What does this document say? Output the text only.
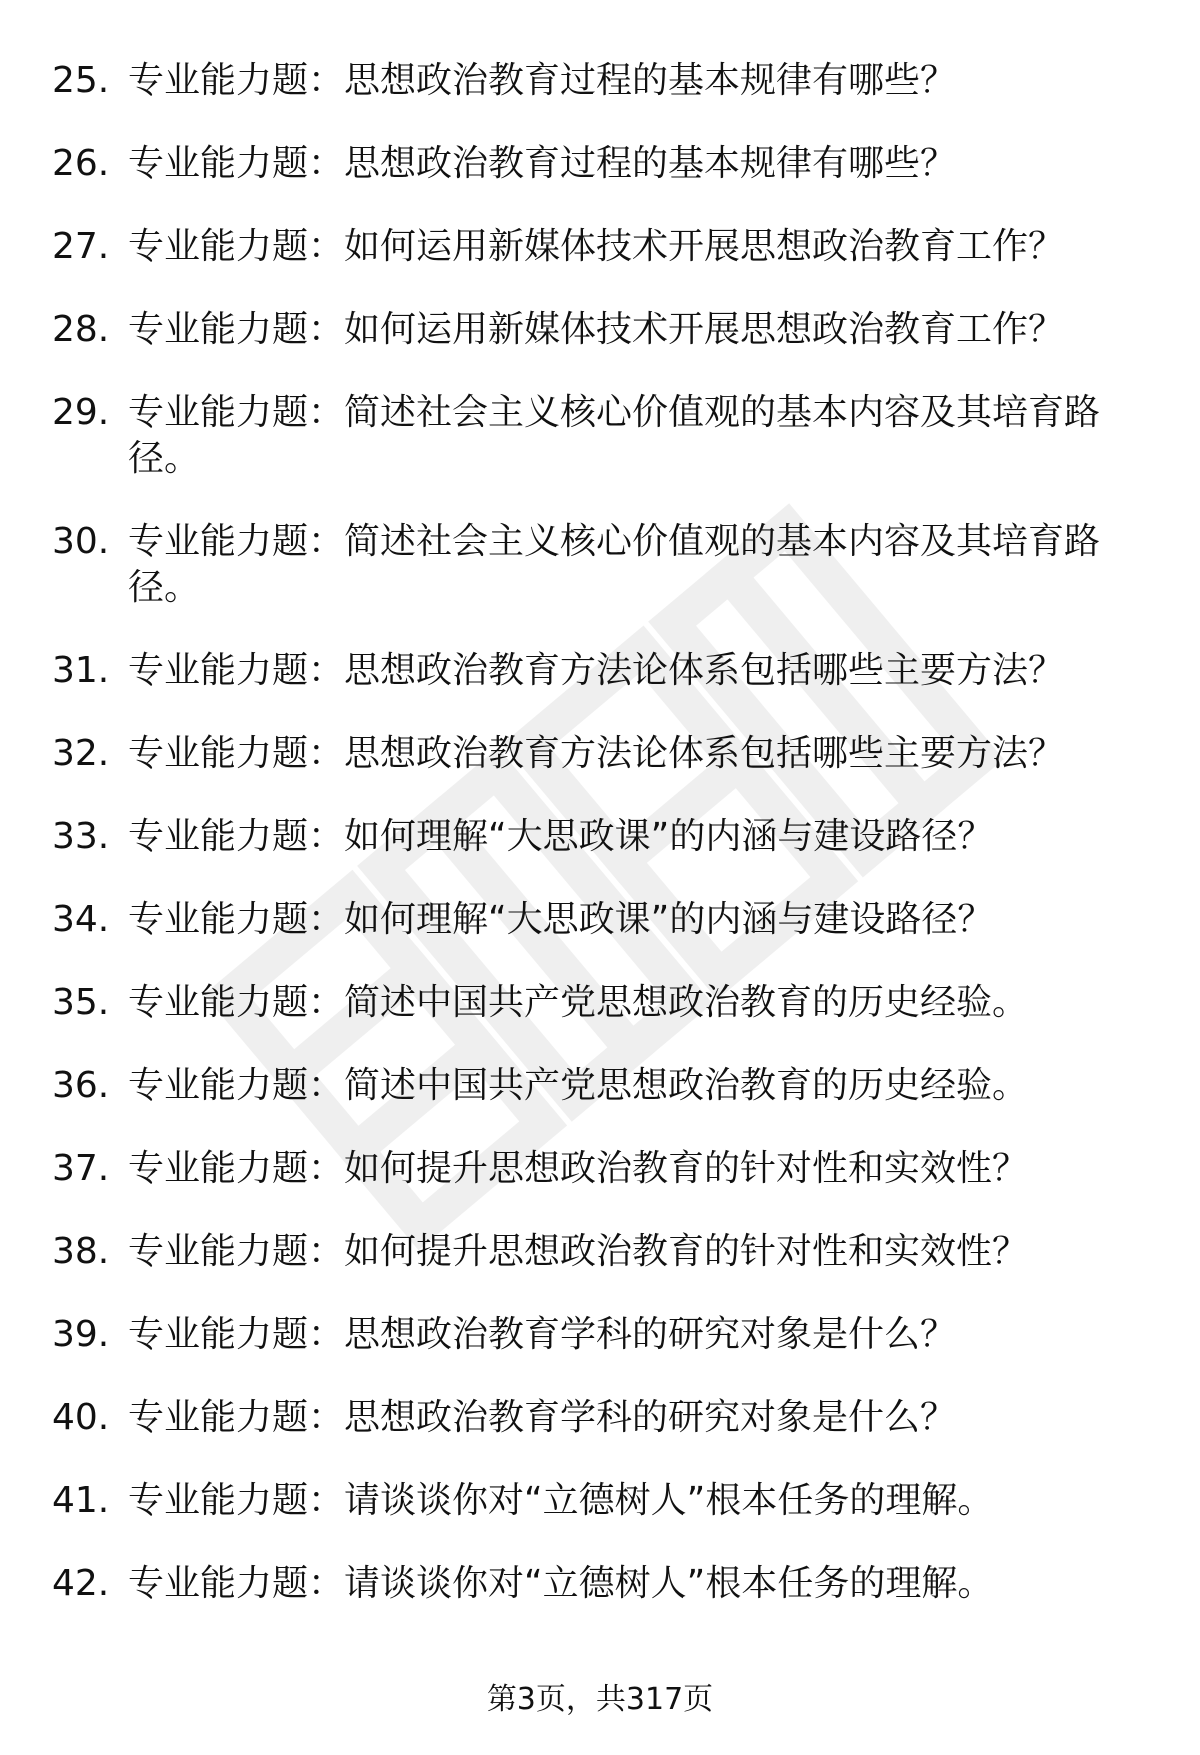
25. 专业能力题：思想政治教育过程的基本规律有哪些？
26. 专业能力题：思想政治教育过程的基本规律有哪些？
27. 专业能力题：如何运用新媒体技术开展思想政治教育工作？
28. 专业能力题：如何运用新媒体技术开展思想政治教育工作？
29. 专业能力题：简述社会主义核心价值观的基本内容及其培育路径。
30. 专业能力题：简述社会主义核心价值观的基本内容及其培育路径。
31. 专业能力题：思想政治教育方法论体系包括哪些主要方法？
32. 专业能力题：思想政治教育方法论体系包括哪些主要方法？
33. 专业能力题：如何理解“大思政课”的内涵与建设路径？
34. 专业能力题：如何理解“大思政课”的内涵与建设路径？
35. 专业能力题：简述中国共产党思想政治教育的历史经验。
36. 专业能力题：简述中国共产党思想政治教育的历史经验。
37. 专业能力题：如何提升思想政治教育的针对性和实效性？
38. 专业能力题：如何提升思想政治教育的针对性和实效性？
39. 专业能力题：思想政治教育学科的研究对象是什么？
40. 专业能力题：思想政治教育学科的研究对象是什么？
41. 专业能力题：请谈谈你对“立德树人”根本任务的理解。
42. 专业能力题：请谈谈你对“立德树人”根本任务的理解。
第3页，共317页
